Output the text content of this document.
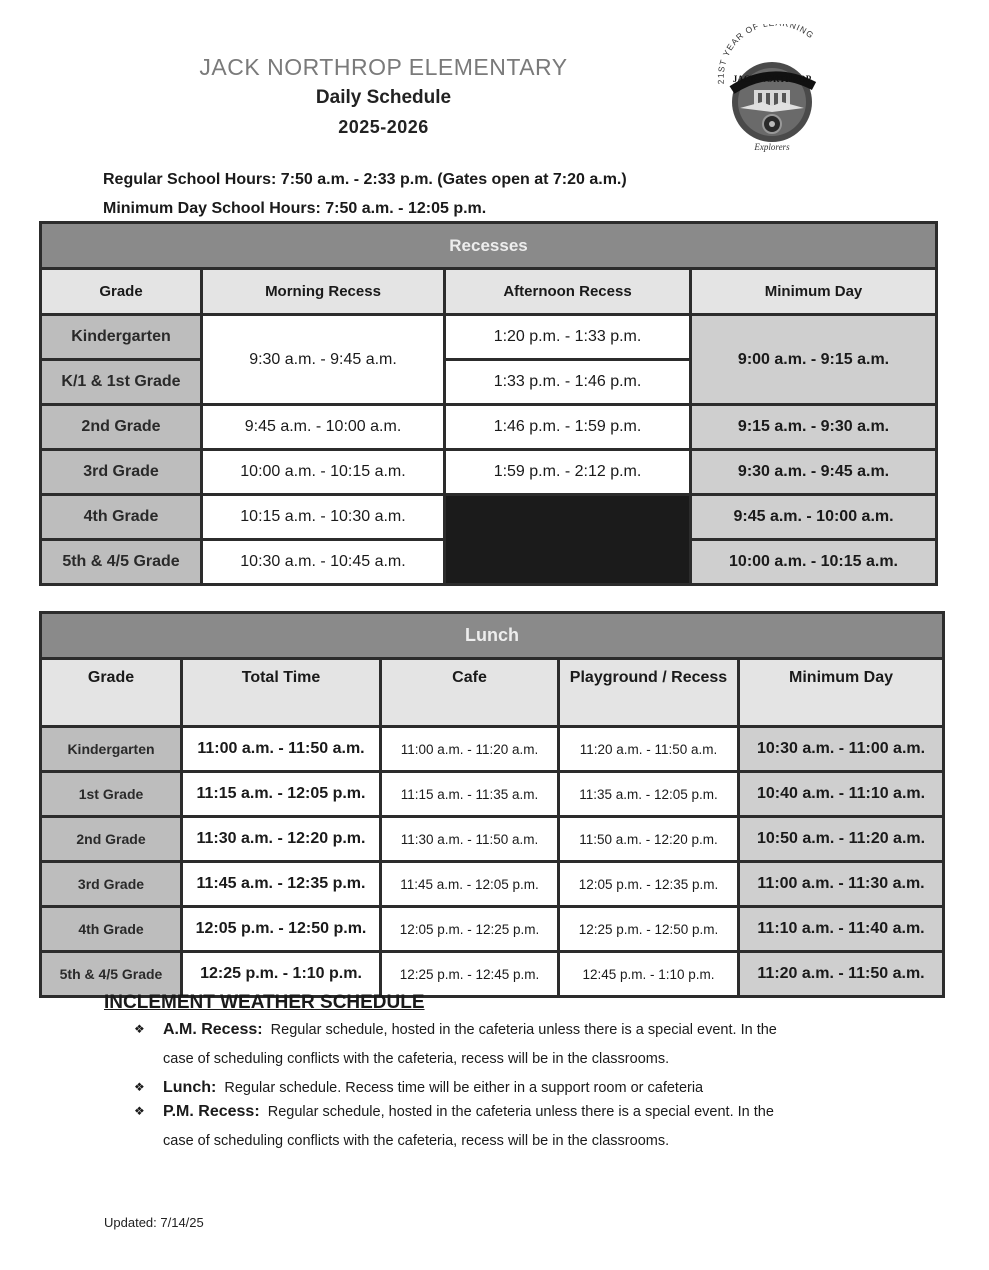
JACK NORTHROP ELEMENTARY
Daily Schedule
2025-2026
21ST YEAR OF NING
JACK NORTHROP
Explorers
Regular School Hours: 7:50 a.m. - 2:33 p.m. (Gates open at 7:20 a.m.)
Minimum Day School Hours: 7:50 a.m. - 12:05 p.m.
Recesses			
Grade	Morning Recess	Afternoon Recess	Minimum Day
Kindergarten	9:30 a.m. - 9:45 a.m.	1:20 p.m. - 1:33 p.m.	9:00 a.m. - 9:15 a.m.
K/1 & 1st Grade		1:33 p.m. - 1:46 p.m.	
2nd Grade	9:45 a.m. - 10:00 a.m.	1:46 p.m. - 1:59 p.m.	9:15 a.m. - 9:30 a.m.
3rd Grade	10:00 a.m. - 10:15 a.m.	1:59 p.m. - 2:12 p.m.	9:30 a.m. - 9:45 a.m.
4th Grade	10:15 a.m. - 10:30 a.m.		9:45 a.m. - 10:00 a.m.
5th & 4/5 Grade	10:30 a.m. - 10:45 a.m.		10:00 a.m. - 10:15 a.m.
Lunch				
Grade	Total Time	Cafe	Playground / Recess	Minimum Day
Kindergarten	11:00 a.m. - 11:50 a.m.	11:00 a.m. - 11:20 a.m.	11:20 a.m. - 11:50 a.m.	10:30 a.m. - 11:00 a.m.
1st Grade	11:15 a.m. - 12:05 p.m.	11:15 a.m. - 11:35 a.m.	11:35 a.m. - 12:05 p.m.	10:40 a.m. - 11:10 a.m.
2nd Grade	11:30 a.m. - 12:20 p.m.	11:30 a.m. - 11:50 a.m.	11:50 a.m. - 12:20 p.m.	10:50 a.m. - 11:20 a.m.
3rd Grade	11:45 a.m. - 12:35 p.m.	11:45 a.m. - 12:05 p.m.	12:05 p.m. - 12:35 p.m.	11:00 a.m. - 11:30 a.m.
4th Grade	12:05 p.m. - 12:50 p.m.	12:05 p.m. - 12:25 p.m.	12:25 p.m. - 12:50 p.m.	11:10 a.m. - 11:40 a.m.
5th & 4/5 Grade	12:25 p.m. - 1:10 p.m.	12:25 p.m. - 12:45 p.m.	12:45 p.m. - 1:10 p.m.	11:20 a.m. - 11:50 a.m.
INCLEMENT WEATHER SCHEDULE
❖	A.M. Recess: Regular schedule, hosted in the cafeteria unless there is a special event. In the
case of scheduling conflicts with the cafeteria, recess will be in the classrooms.
❖	Lunch: Regular schedule. Recess time will be either in a support room or cafeteria
❖	P.M. Recess: Regular schedule, hosted in the cafeteria unless there is a special event. In the
case of scheduling conflicts with the cafeteria, recess will be in the classrooms.
Updated: 7/14/25
